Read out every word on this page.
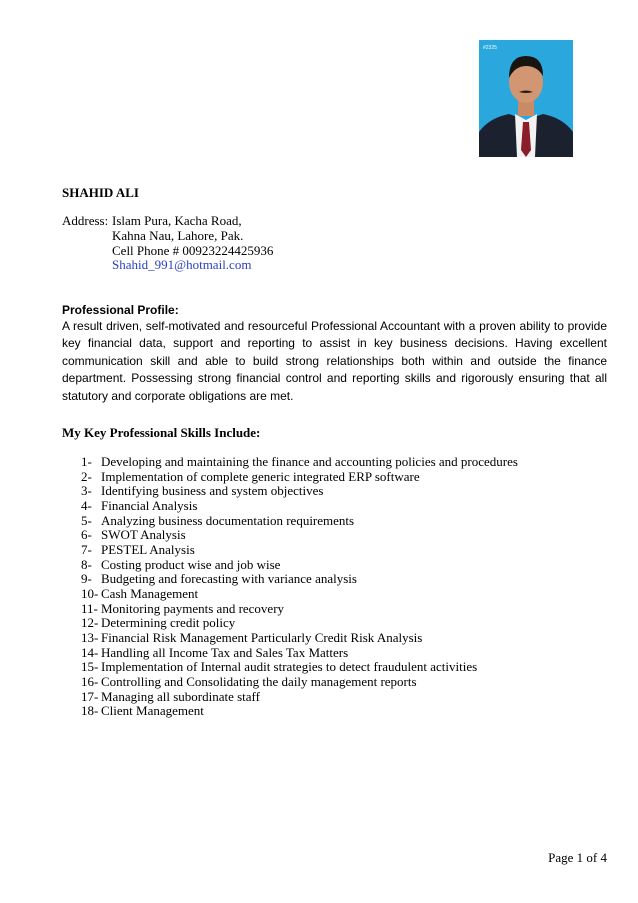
#2325
SHAHID ALI
Address: Islam Pura, Kacha Road,
Kahna Nau, Lahore, Pak.
Cell Phone # 00923224425936
Shahid_991@hotmail.com
Professional Profile:
A result driven, self-motivated and resourceful Professional Accountant with a proven ability to provide key financial data, support and reporting to assist in key business decisions. Having excellent communication skill and able to build strong relationships both within and outside the finance department. Possessing strong financial control and reporting skills and rigorously ensuring that all statutory and corporate obligations are met.
My Key Professional Skills Include:
1- Developing and maintaining the finance and accounting policies and procedures
2- Implementation of complete generic integrated ERP software
3- Identifying business and system objectives
4- Financial Analysis
5- Analyzing business documentation requirements
6- SWOT Analysis
7- PESTEL Analysis
8- Costing product wise and job wise
9- Budgeting and forecasting with variance analysis
10- Cash Management
11- Monitoring payments and recovery
12- Determining credit policy
13- Financial Risk Management Particularly Credit Risk Analysis
14- Handling all Income Tax and Sales Tax Matters
15- Implementation of Internal audit strategies to detect fraudulent activities
16- Controlling and Consolidating the daily management reports
17- Managing all subordinate staff
18- Client Management
Page 1 of 4
